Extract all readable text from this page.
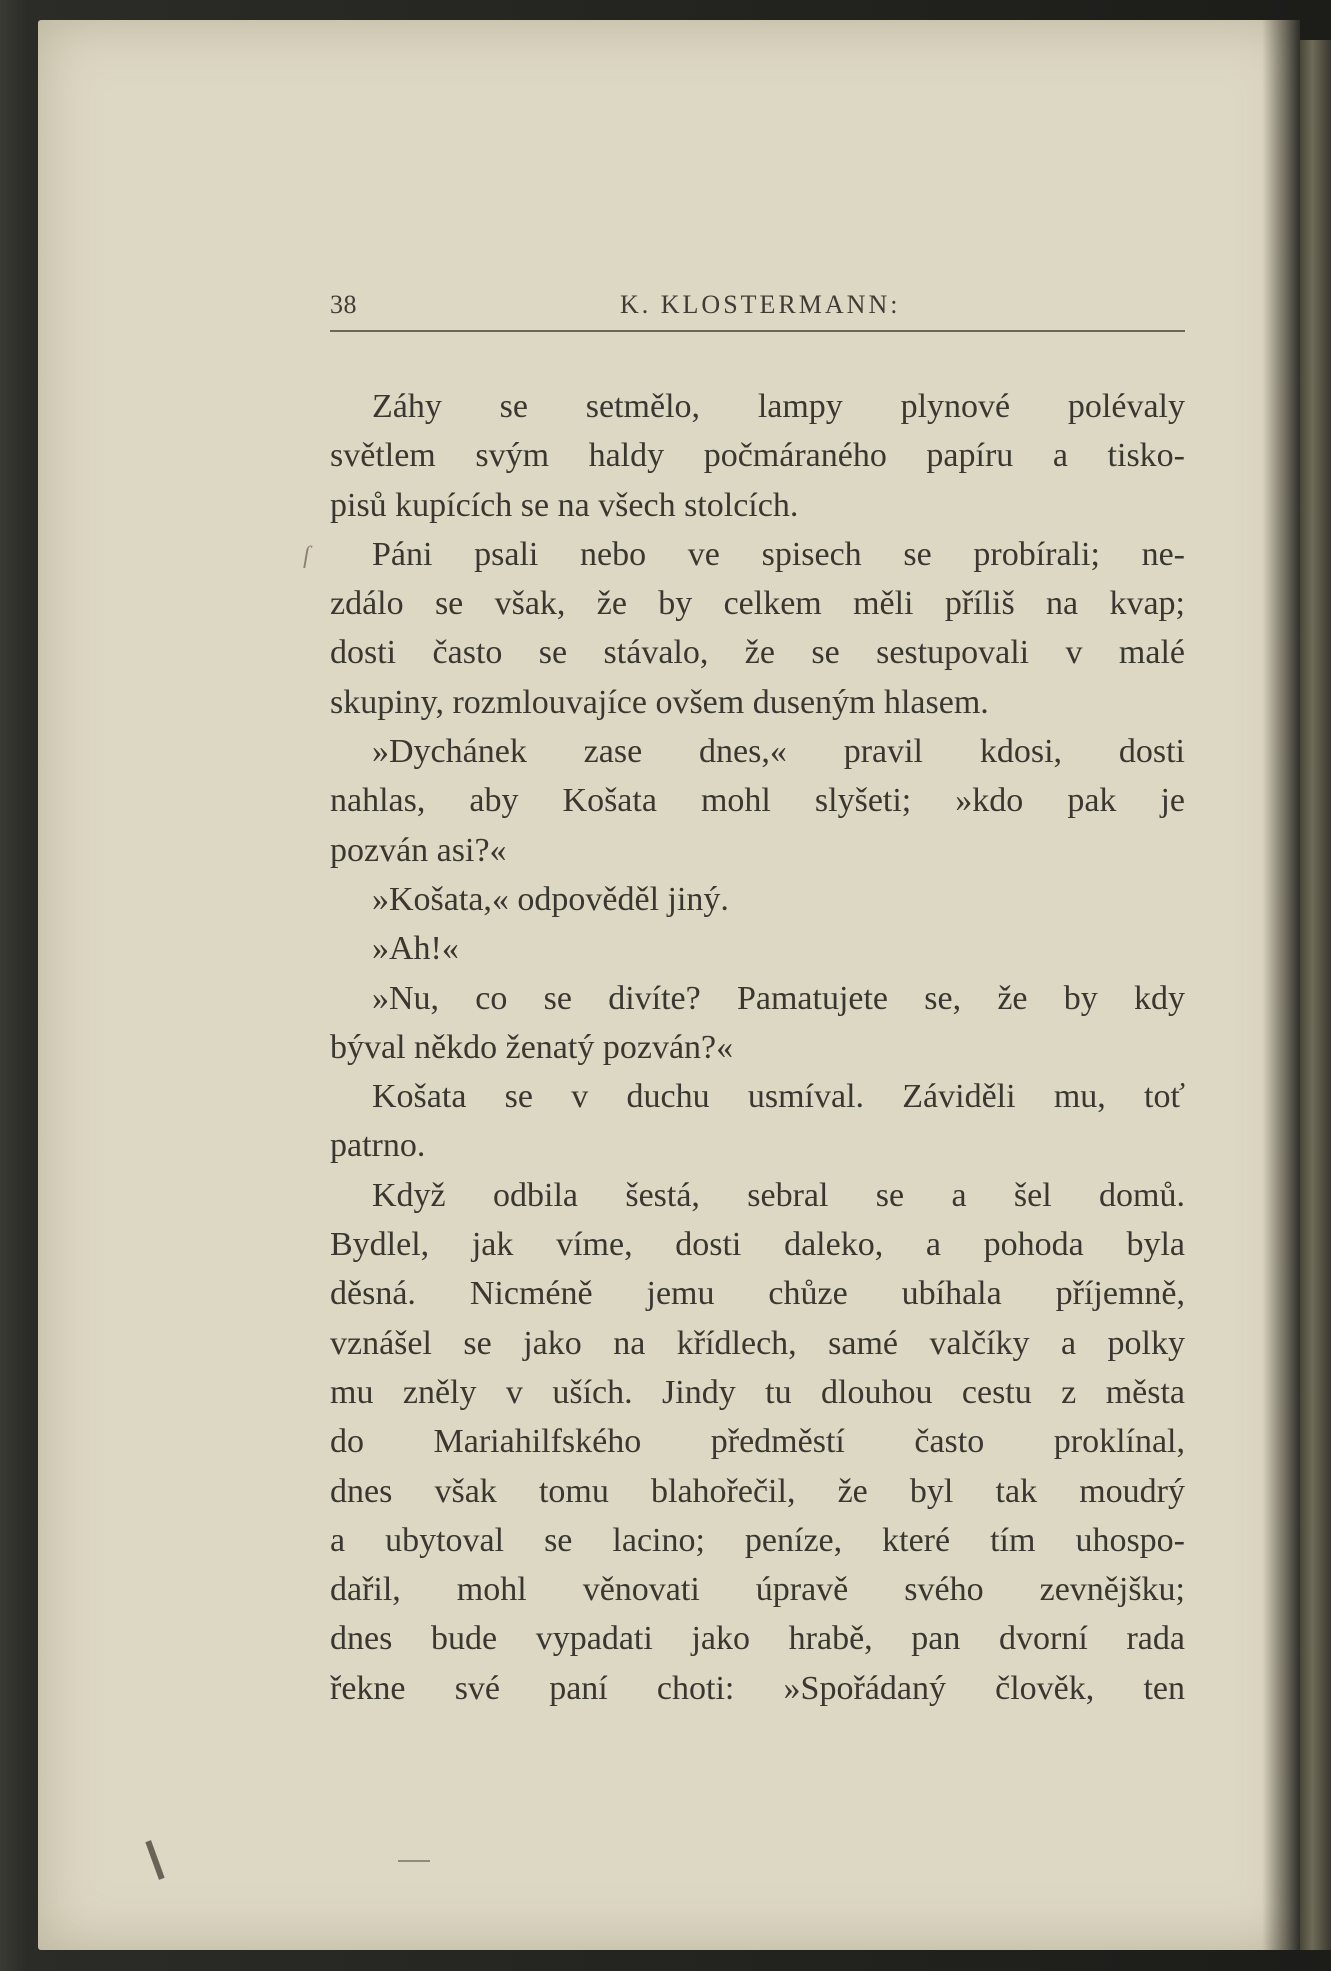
38	K. KLOSTERMANN:
ſ
Záhy se setmělo, lampy plynové polévaly
světlem svým haldy počmáraného papíru a tisko-
pisů kupících se na všech stolcích.
Páni psali nebo ve spisech se probírali; ne-
zdálo se však, že by celkem měli příliš na kvap;
dosti často se stávalo, že se sestupovali v malé
skupiny, rozmlouvajíce ovšem duseným hlasem.
»Dychánek zase dnes,« pravil kdosi, dosti
nahlas, aby Košata mohl slyšeti; »kdo pak je
pozván asi?«
»Košata,« odpověděl jiný.
»Ah!«
»Nu, co se divíte? Pamatujete se, že by kdy
býval někdo ženatý pozván?«
Košata se v duchu usmíval. Záviděli mu, toť
patrno.
Když odbila šestá, sebral se a šel domů.
Bydlel, jak víme, dosti daleko, a pohoda byla
děsná. Nicméně jemu chůze ubíhala příjemně,
vznášel se jako na křídlech, samé valčíky a polky
mu zněly v uších. Jindy tu dlouhou cestu z města
do Mariahilfského předměstí často proklínal,
dnes však tomu blahořečil, že byl tak moudrý
a ubytoval se lacino; peníze, které tím uhospo-
dařil, mohl věnovati úpravě svého zevnějšku;
dnes bude vypadati jako hrabě, pan dvorní rada
řekne své paní choti: »Spořádaný člověk, ten
